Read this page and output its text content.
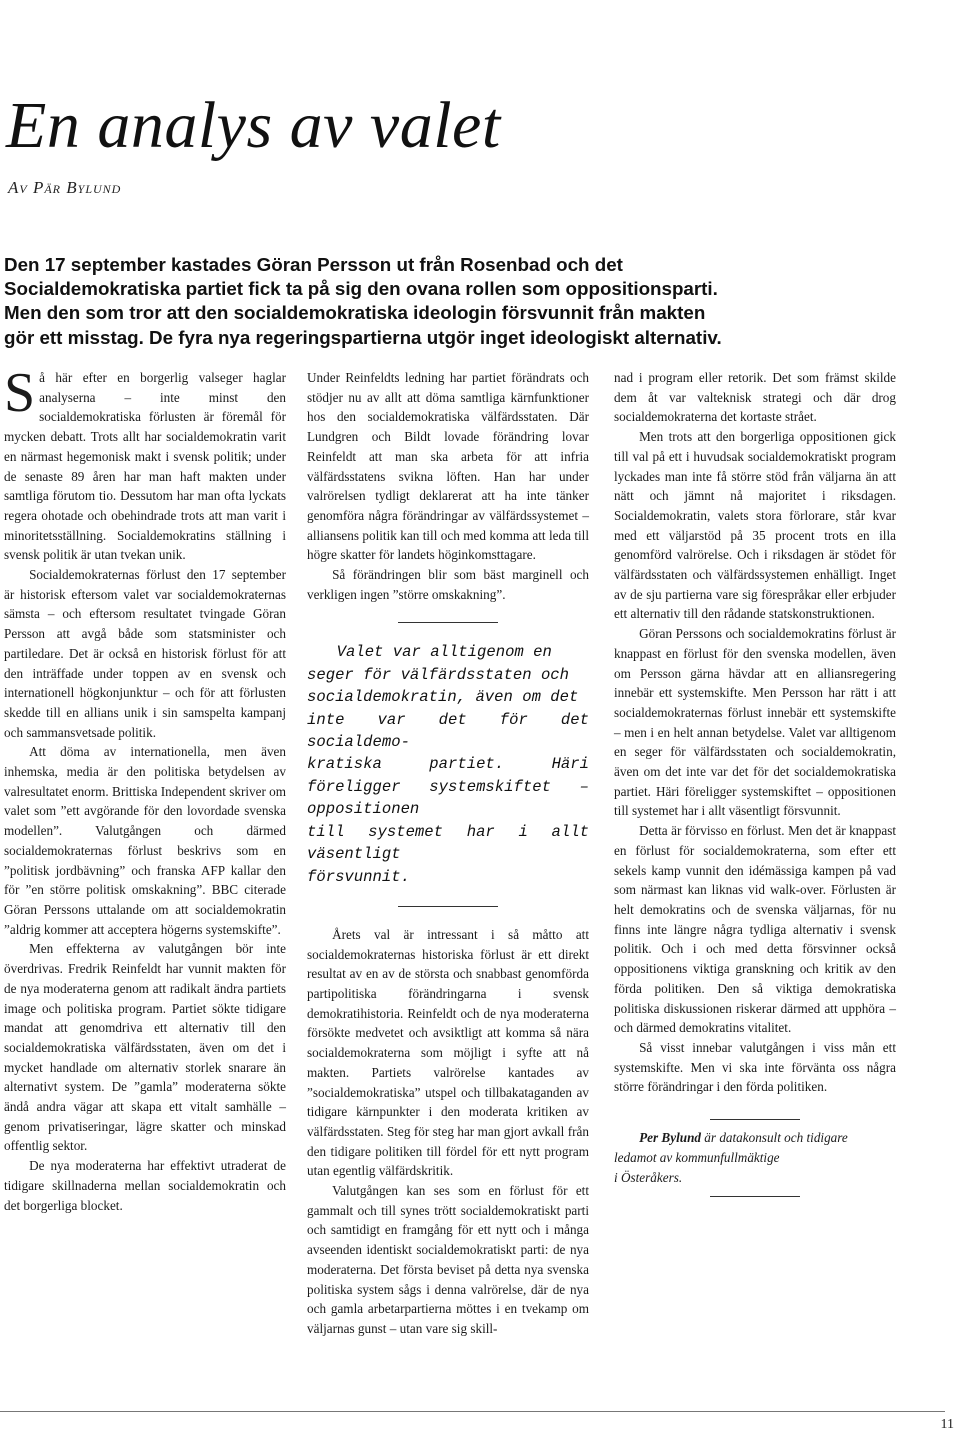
En analys av valet
Av Pär Bylund

Den 17 september kastades Göran Persson ut från Rosenbad och det
Socialdemokratiska partiet fick ta på sig den ovana rollen som oppositionsparti.
Men den som tror att den socialdemokratiska ideologin försvunnit från makten
gör ett misstag. De fyra nya regeringspartierna utgör inget ideologiskt alternativ.

Så här efter en borgerlig valseger haglar analyserna – inte minst den socialdemokratiska förlusten är föremål för mycken debatt. Trots allt har socialdemokratin varit en närmast hegemonisk makt i svensk politik; under de senaste 89 åren har man haft makten under samtliga förutom tio. Dessutom har man ofta lyckats regera ohotade och obehindrade trots att man varit i minoritetsställning. Socialdemokratins ställning i svensk politik är utan tvekan unik.

Socialdemokraternas förlust den 17 september är historisk eftersom valet var socialdemokraternas sämsta – och eftersom resultatet tvingade Göran Persson att avgå både som statsminister och partiledare. Det är också en historisk förlust för att den inträffade under toppen av en svensk och internationell högkonjunktur – och för att förlusten skedde till en allians unik i sin samspelta kampanj och sammansvetsade politik.

Att döma av internationella, men även inhemska, media är den politiska betydelsen av valresultatet enorm. Brittiska Independent skriver om valet som ”ett avgörande för den lovordade svenska modellen”. Valutgången och därmed socialdemokraternas förlust beskrivs som en ”politisk jordbävning” och franska AFP kallar den för ”en större politisk omskakning”. BBC citerade Göran Perssons uttalande om att socialdemokratin ”aldrig kommer att acceptera högerns systemskifte”.

Men effekterna av valutgången bör inte överdrivas. Fredrik Reinfeldt har vunnit makten för de nya moderaterna genom att radikalt ändra partiets image och politiska program. Partiet sökte tidigare mandat att genomdriva ett alternativ till den socialdemokratiska välfärdsstaten, även om det i mycket handlade om alternativ storlek snarare än alternativt system. De ”gamla” moderaterna sökte ändå andra vägar att skapa ett vitalt samhälle – genom privatiseringar, lägre skatter och minskad offentlig sektor.

De nya moderaterna har effektivt utraderat de tidigare skillnaderna mellan socialdemokratin och det borgerliga blocket.

Under Reinfeldts ledning har partiet förändrats och stödjer nu av allt att döma samtliga kärnfunktioner hos den socialdemokratiska välfärdsstaten. Där Lundgren och Bildt lovade förändring lovar Reinfeldt att man ska arbeta för att infria välfärdsstatens svikna löften. Han har under valrörelsen tydligt deklarerat att ha inte tänker genomföra några förändringar av välfärdssystemet – alliansens politik kan till och med komma att leda till högre skatter för landets höginkomsttagare.

Så förändringen blir som bäst marginell och verkligen ingen ”större omskakning”.

Valet var alltigenom en
seger för välfärdsstaten och
socialdemokratin, även om det
inte var det för det socialdemo-
kratiska partiet. Häri föreligger systemskiftet – oppositionen
till systemet har i allt väsentligt
försvunnit.

Årets val är intressant i så måtto att socialdemokraternas historiska förlust är ett direkt resultat av en av de största och snabbast genomförda partipolitiska förändringarna i svensk demokratihistoria. Reinfeldt och de nya moderaterna försökte medvetet och avsiktligt att komma så nära socialdemokraterna som möjligt i syfte att nå makten. Partiets valrörelse kantades av ”socialdemokratiska” utspel och tillbakataganden av tidigare kärnpunkter i den moderata kritiken av välfärdsstaten. Steg för steg har man gjort avkall från den tidigare politiken till fördel för ett nytt program utan egentlig välfärdskritik.

Valutgången kan ses som en förlust för ett gammalt och till synes trött socialdemokratiskt parti och samtidigt en framgång för ett nytt och i många avseenden identiskt socialdemokratiskt parti: de nya moderaterna. Det första beviset på detta nya svenska politiska system sågs i denna valrörelse, där de nya och gamla arbetarpartierna möttes i en tvekamp om väljarnas gunst – utan vare sig skill-

nad i program eller retorik. Det som främst skilde dem åt var valteknisk strategi och där drog socialdemokraterna det kortaste strået.

Men trots att den borgerliga oppositionen gick till val på ett i huvudsak socialdemokratiskt program lyckades man inte få större stöd från väljarna än att nätt och jämnt nå majoritet i riksdagen. Socialdemokratin, valets stora förlorare, står kvar med ett väljarstöd på 35 procent trots en illa genomförd valrörelse. Och i riksdagen är stödet för välfärdsstaten och välfärdssystemen enhälligt. Inget av de sju partierna vare sig förespråkar eller erbjuder ett alternativ till den rådande statskonstruktionen.

Göran Perssons och socialdemokratins förlust är knappast en förlust för den svenska modellen, även om Persson gärna hävdar att en alliansregering innebär ett systemskifte. Men Persson har rätt i att socialdemokraternas förlust innebär ett systemskifte – men i en helt annan betydelse. Valet var alltigenom en seger för välfärdsstaten och socialdemokratin, även om det inte var det för det socialdemokratiska partiet. Häri föreligger systemskiftet – oppositionen till systemet har i allt väsentligt försvunnit.

Detta är förvisso en förlust. Men det är knappast en förlust för socialdemokraterna, som efter ett sekels kamp vunnit den idémässiga kampen på vad som närmast kan liknas vid walk-over. Förlusten är helt demokratins och de svenska väljarnas, för nu finns inte längre några tydliga alternativ i svensk politik. Och i och med detta försvinner också oppositionens viktiga granskning och kritik av den förda politiken. Den så viktiga demokratiska politiska diskussionen riskerar därmed att upphöra – och därmed demokratins vitalitet.

Så visst innebar valutgången i viss mån ett systemskifte. Men vi ska inte förvänta oss några större förändringar i den förda politiken.

Per Bylund är datakonsult och tidigare
ledamot av kommunfullmäktige
i Österåkers.

11
